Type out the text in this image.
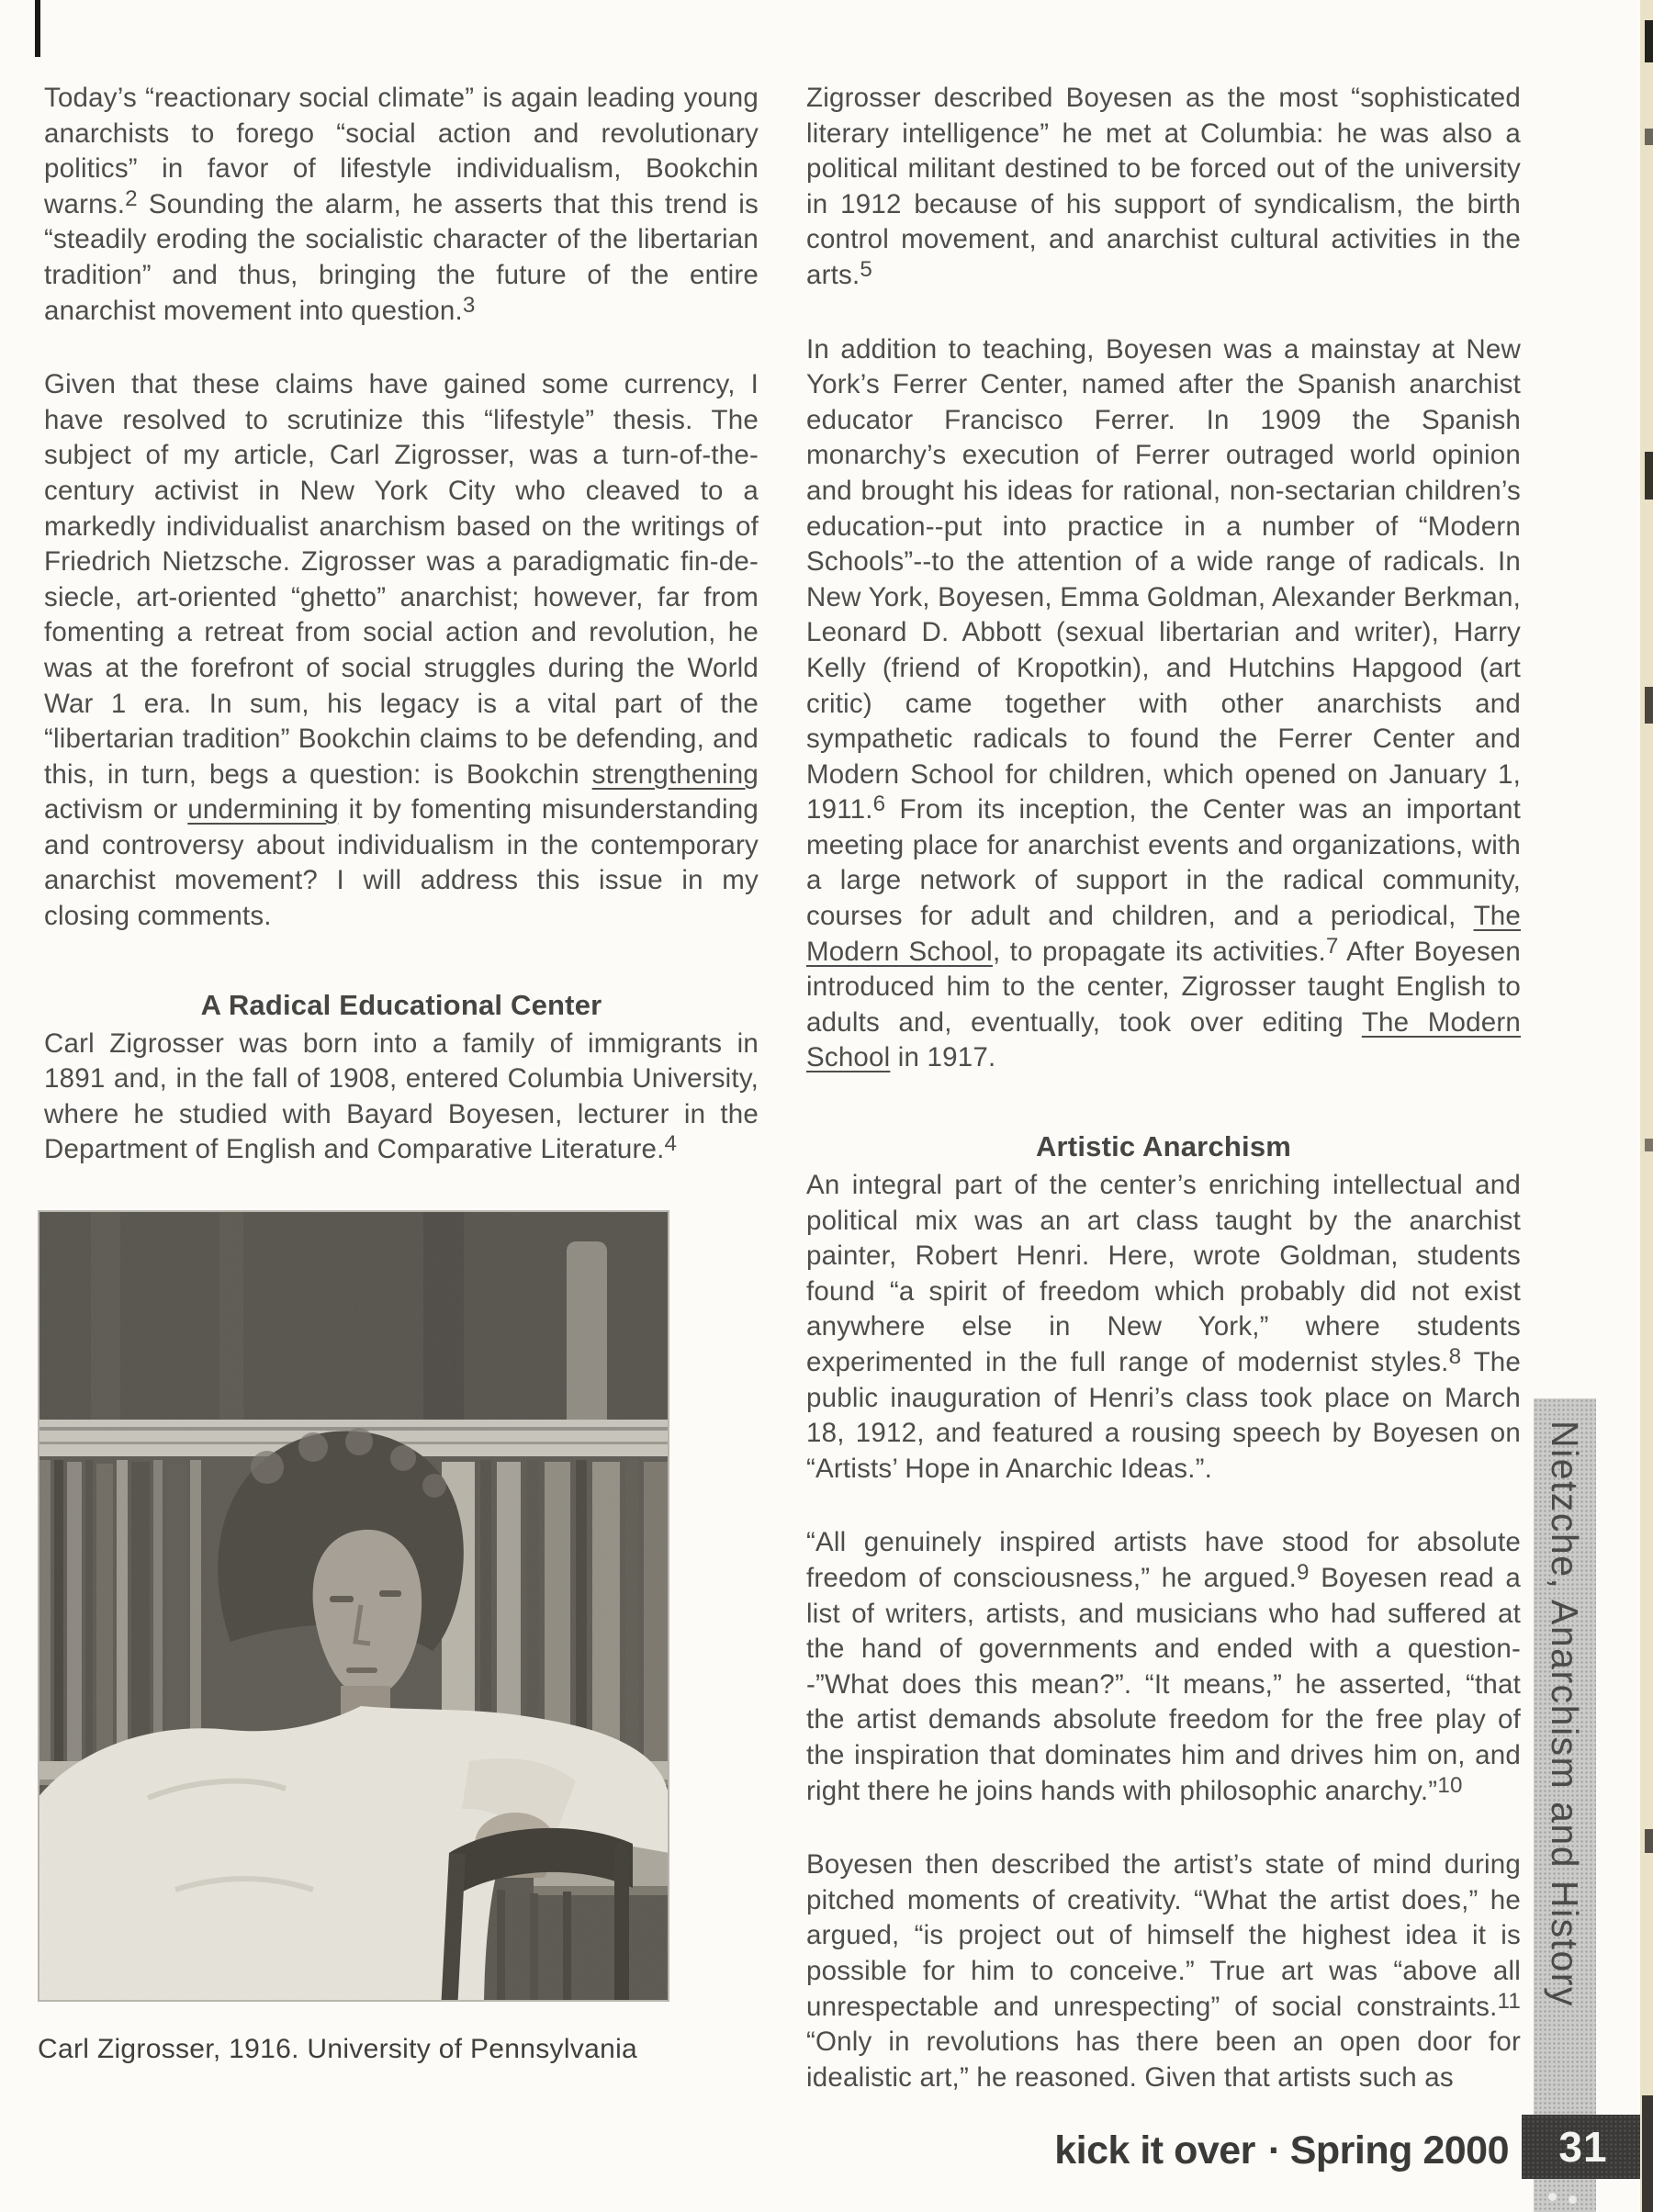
Today’s “reactionary social climate” is again leading young anarchists to forego “social action and revolutionary politics” in favor of lifestyle individualism, Bookchin warns.$^2$ Sounding the alarm, he asserts that this trend is “steadily eroding the socialistic character of the libertarian tradition” and thus, bringing the future of the entire anarchist movement into question.$^3$

Given that these claims have gained some currency, I have resolved to scrutinize this “lifestyle” thesis. The subject of my article, Carl Zigrosser, was a turn-of-the-century activist in New York City who cleaved to a markedly individualist anarchism based on the writings of Friedrich Nietzsche. Zigrosser was a paradigmatic fin-de-siecle, art-oriented “ghetto” anarchist; however, far from fomenting a retreat from social action and revolution, he was at the forefront of social struggles during the World War 1 era. In sum, his legacy is a vital part of the “libertarian tradition” Bookchin claims to be defending, and this, in turn, begs a question: is Bookchin strengthening activism or undermining it by fomenting misunderstanding and controversy about individualism in the contemporary anarchist movement? I will address this issue in my closing comments.

A Radical Educational Center

Carl Zigrosser was born into a family of immigrants in 1891 and, in the fall of 1908, entered Columbia University, where he studied with Bayard Boyesen, lecturer in the Department of English and Comparative Literature.$^4$

Carl Zigrosser, 1916. University of Pennsylvania

Zigrosser described Boyesen as the most “sophisticated literary intelligence” he met at Columbia: he was also a political militant destined to be forced out of the university in 1912 because of his support of syndicalism, the birth control movement, and anarchist cultural activities in the arts.$^5$

In addition to teaching, Boyesen was a mainstay at New York’s Ferrer Center, named after the Spanish anarchist educator Francisco Ferrer. In 1909 the Spanish monarchy’s execution of Ferrer outraged world opinion and brought his ideas for rational, non-sectarian children’s education--put into practice in a number of “Modern Schools”--to the attention of a wide range of radicals. In New York, Boyesen, Emma Goldman, Alexander Berkman, Leonard D. Abbott (sexual libertarian and writer), Harry Kelly (friend of Kropotkin), and Hutchins Hapgood (art critic) came together with other anarchists and sympathetic radicals to found the Ferrer Center and Modern School for children, which opened on January 1, 1911.$^6$ From its inception, the Center was an important meeting place for anarchist events and organizations, with a large network of support in the radical community, courses for adult and children, and a periodical, The Modern School, to propagate its activities.$^7$ After Boyesen introduced him to the center, Zigrosser taught English to adults and, eventually, took over editing The Modern School in 1917.

Artistic Anarchism

An integral part of the center’s enriching intellectual and political mix was an art class taught by the anarchist painter, Robert Henri. Here, wrote Goldman, students found “a spirit of freedom which probably did not exist anywhere else in New York,” where students experimented in the full range of modernist styles.$^8$ The public inauguration of Henri’s class took place on March 18, 1912, and featured a rousing speech by Boyesen on “Artists’ Hope in Anarchic Ideas.”.

“All genuinely inspired artists have stood for absolute freedom of consciousness,” he argued.$^9$ Boyesen read a list of writers, artists, and musicians who had suffered at the hand of governments and ended with a question--”What does this mean?”. “It means,” he asserted, “that the artist demands absolute freedom for the free play of the inspiration that dominates him and drives him on, and right there he joins hands with philosophic anarchy.”$^{10}$

Boyesen then described the artist’s state of mind during pitched moments of creativity. “What the artist does,” he argued, “is project out of himself the highest idea it is possible for him to conceive.” True art was “above all unrespectable and unrespecting” of social constraints.$^{11}$ “Only in revolutions has there been an open door for idealistic art,” he reasoned. Given that artists such as

Nietzche, Anarchism and History
kick it over · Spring 2000 31
